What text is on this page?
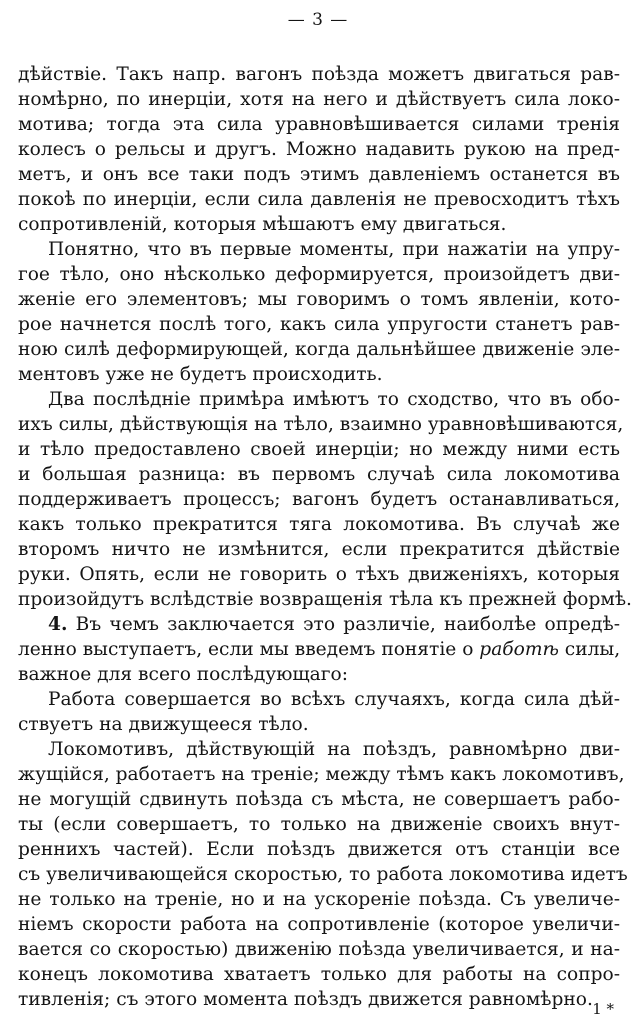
— 3 —
дѣйствіе. Такъ напр. вагонъ поѣзда можетъ двигаться рав-
номѣрно, по инерціи, хотя на него и дѣйствуетъ сила локо-
мотива; тогда эта сила уравновѣшивается силами тренія
колесъ о рельсы и другъ. Можно надавить рукою на пред-
метъ, и онъ все таки подъ этимъ давленіемъ останется въ
покоѣ по инерціи, если сила давленія не превосходитъ тѣхъ
сопротивленій, которыя мѣшаютъ ему двигаться.
Понятно, что въ первые моменты, при нажатіи на упру-
гое тѣло, оно нѣсколько деформируется, произойдетъ дви-
женіе его элементовъ; мы говоримъ о томъ явленіи, кото-
рое начнется послѣ того, какъ сила упругости станетъ рав-
ною силѣ деформирующей, когда дальнѣйшее движеніе эле-
ментовъ уже не будетъ происходить.
Два послѣдніе примѣра имѣютъ то сходство, что въ обо-
ихъ силы, дѣйствующія на тѣло, взаимно уравновѣшиваются,
и тѣло предоставлено своей инерціи; но между ними есть
и большая разница: въ первомъ случаѣ сила локомотива
поддерживаетъ процессъ; вагонъ будетъ останавливаться,
какъ только прекратится тяга локомотива. Въ случаѣ же
второмъ ничто не измѣнится, если прекратится дѣйствіе
руки. Опять, если не говорить о тѣхъ движеніяхъ, которыя
произойдутъ вслѣдствіе возвращенія тѣла къ прежней формѣ.
4. Въ чемъ заключается это различіе, наиболѣе опредѣ-
ленно выступаетъ, если мы введемъ понятіе о работѣ силы,
важное для всего послѣдующаго:
Работа совершается во всѣхъ случаяхъ, когда сила дѣй-
ствуетъ на движущееся тѣло.
Локомотивъ, дѣйствующій на поѣздъ, равномѣрно дви-
жущійся, работаетъ на треніе; между тѣмъ какъ локомотивъ,
не могущій сдвинуть поѣзда съ мѣста, не совершаетъ рабо-
ты (если совершаетъ, то только на движеніе своихъ внут-
реннихъ частей). Если поѣздъ движется отъ станціи все
съ увеличивающейся скоростью, то работа локомотива идетъ
не только на треніе, но и на ускореніе поѣзда. Съ увеличе-
ніемъ скорости работа на сопротивленіе (которое увеличи-
вается со скоростью) движенію поѣзда увеличивается, и на-
конецъ локомотива хватаетъ только для работы на сопро-
тивленія; съ этого момента поѣздъ движется равномѣрно. 1 *
